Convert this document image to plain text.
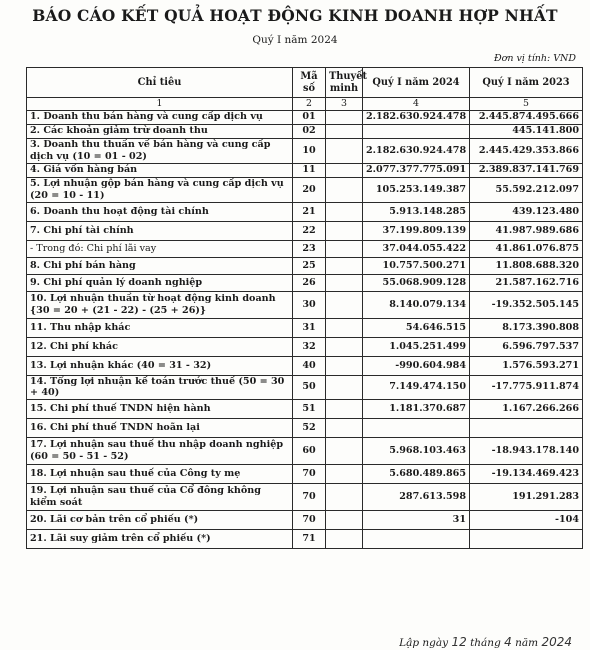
BÁO CÁO KẾT QUẢ HOẠT ĐỘNG KINH DOANH HỢP NHẤT
Quý I năm 2024
Đơn vị tính: VND
Chỉ tiêu	Mã số	Thuyết minh	Quý I năm 2024	Quý I năm 2023
1	2	3	4	5
1. Doanh thu bán hàng và cung cấp dịch vụ	01		2.182.630.924.478	2.445.874.495.666
2. Các khoản giảm trừ doanh thu	02			445.141.800
3. Doanh thu thuần về bán hàng và cung cấp dịch vụ (10 = 01 - 02)	10		2.182.630.924.478	2.445.429.353.866
4. Giá vốn hàng bán	11		2.077.377.775.091	2.389.837.141.769
5. Lợi nhuận gộp bán hàng và cung cấp dịch vụ (20 = 10 - 11)	20		105.253.149.387	55.592.212.097
6. Doanh thu hoạt động tài chính	21		5.913.148.285	439.123.480
7. Chi phí tài chính	22		37.199.809.139	41.987.989.686
- Trong đó: Chi phí lãi vay	23		37.044.055.422	41.861.076.875
8. Chi phí bán hàng	25		10.757.500.271	11.808.688.320
9. Chi phí quản lý doanh nghiệp	26		55.068.909.128	21.587.162.716
10. Lợi nhuận thuần từ hoạt động kinh doanh {30 = 20 + (21 - 22) - (25 + 26)}	30		8.140.079.134	-19.352.505.145
11. Thu nhập khác	31		54.646.515	8.173.390.808
12. Chi phí khác	32		1.045.251.499	6.596.797.537
13. Lợi nhuận khác (40 = 31 - 32)	40		-990.604.984	1.576.593.271
14. Tổng lợi nhuận kế toán trước thuế (50 = 30 + 40)	50		7.149.474.150	-17.775.911.874
15. Chi phí thuế TNDN hiện hành	51		1.181.370.687	1.167.266.266
16. Chi phí thuế TNDN hoãn lại	52			
17. Lợi nhuận sau thuế thu nhập doanh nghiệp (60 = 50 - 51 - 52)	60		5.968.103.463	-18.943.178.140
18. Lợi nhuận sau thuế của Công ty mẹ	70		5.680.489.865	-19.134.469.423
19. Lợi nhuận sau thuế của Cổ đông không kiểm soát	70		287.613.598	191.291.283
20. Lãi cơ bản trên cổ phiếu (*)	70		31	-104
21. Lãi suy giảm trên cổ phiếu (*)	71			
Lập ngày 12 tháng 4 năm 2024
